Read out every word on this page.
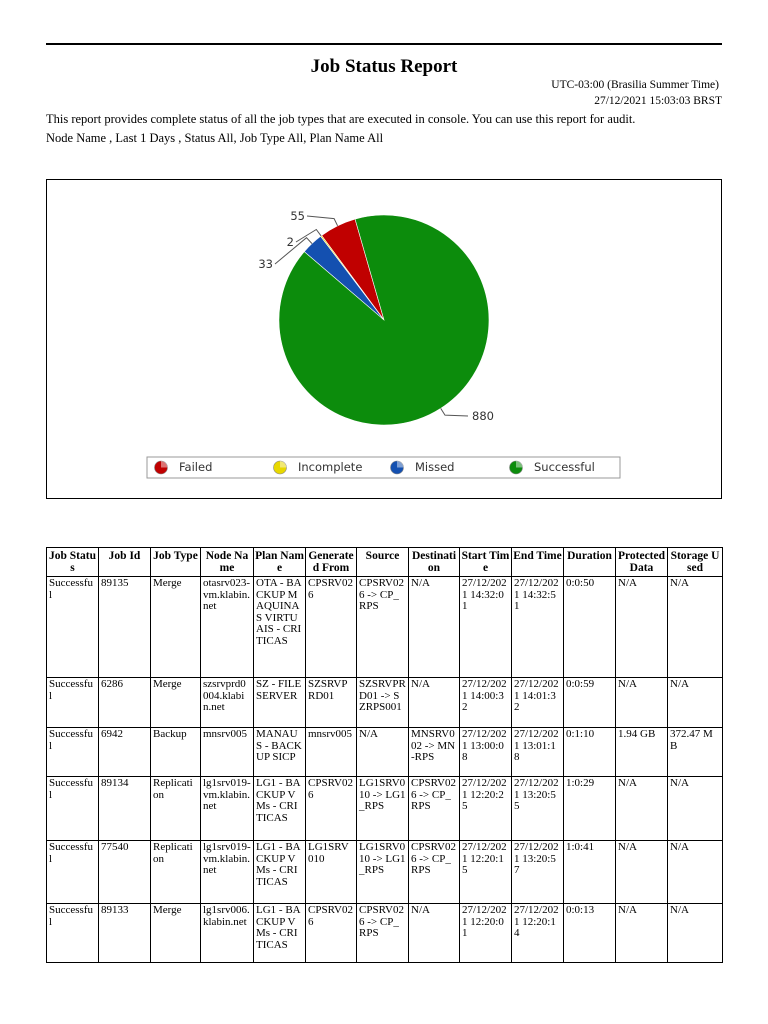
Job Status Report
UTC-03:00 (Brasilia Summer Time)
27/12/2021 15:03:03 BRST
This report provides complete status of all the job types that are executed in console. You can use this report for audit.
Node Name , Last 1 Days , Status All, Job Type All, Plan Name All
55
2
33
880
Failed	Incomplete	Missed	Successful
Job Status	Job Id	Job Type	Node Name	Plan Name	Generated From	Source	Destination	Start Time	End Time	Duration	Protected Data	Storage Used
Successful	89135	Merge	otasrv023-vm.klabin.net	OTA - BACKUP MAQUINAS VIRTUAIS - CRITICAS	CPSRV026	CPSRV026 -> CP_RPS	N/A	27/12/2021 14:32:01	27/12/2021 14:32:51	0:0:50	N/A	N/A
Successful	6286	Merge	szsrvprd0004.klabin.net	SZ - FILE SERVER	SZSRVPRD01	SZSRVPRD01 -> SZRPS001	N/A	27/12/2021 14:00:32	27/12/2021 14:01:32	0:0:59	N/A	N/A
Successful	6942	Backup	mnsrv005	MANAUS - BACKUP SICP	mnsrv005	N/A	MNSRV002 -> MN-RPS	27/12/2021 13:00:08	27/12/2021 13:01:18	0:1:10	1.94 GB	372.47 MB
Successful	89134	Replication	lg1srv019-vm.klabin.net	LG1 - BACKUP VMs - CRITICAS	CPSRV026	LG1SRV010 -> LG1_RPS	CPSRV026 -> CP_RPS	27/12/2021 12:20:25	27/12/2021 13:20:55	1:0:29	N/A	N/A
Successful	77540	Replication	lg1srv019-vm.klabin.net	LG1 - BACKUP VMs - CRITICAS	LG1SRV010	LG1SRV010 -> LG1_RPS	CPSRV026 -> CP_RPS	27/12/2021 12:20:15	27/12/2021 13:20:57	1:0:41	N/A	N/A
Successful	89133	Merge	lg1srv006.klabin.net	LG1 - BACKUP VMs - CRITICAS	CPSRV026	CPSRV026 -> CP_RPS	N/A	27/12/2021 12:20:01	27/12/2021 12:20:14	0:0:13	N/A	N/A
